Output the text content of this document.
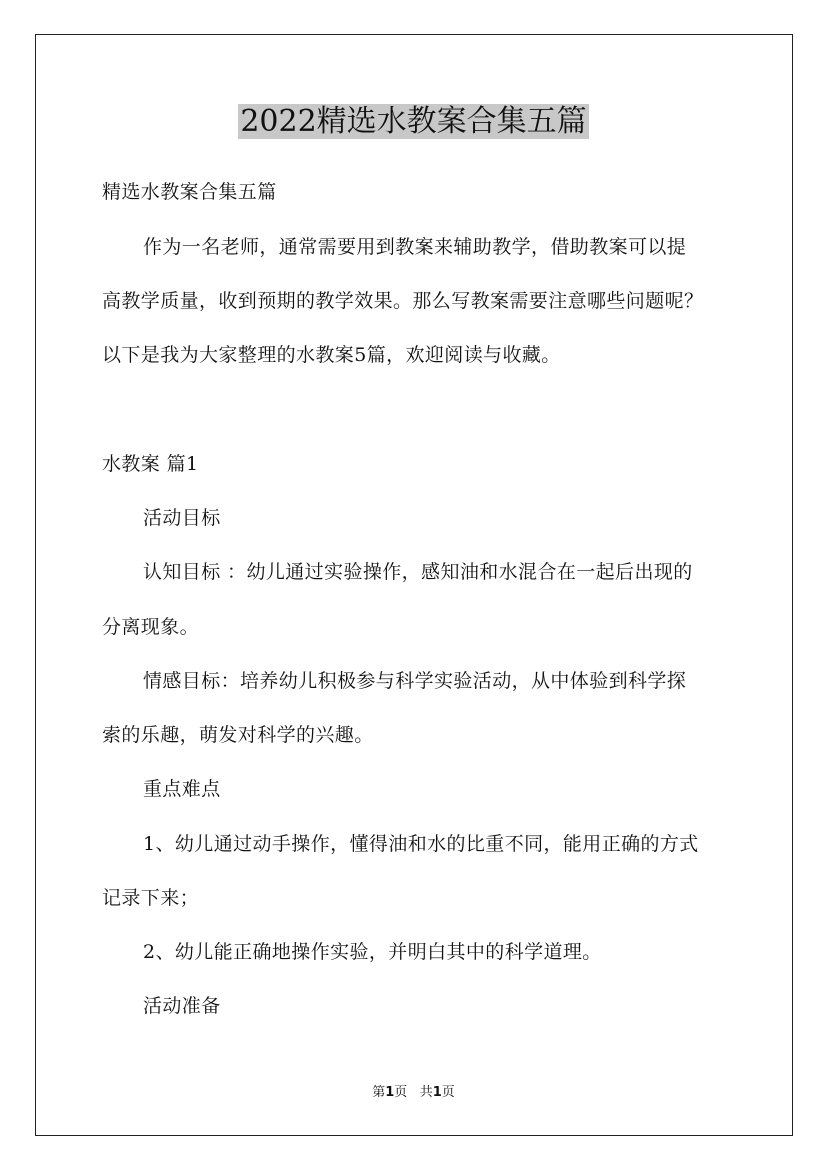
2022精选水教案合集五篇

精选水教案合集五篇

作为一名老师，通常需要用到教案来辅助教学，借助教案可以提

高教学质量，收到预期的教学效果。那么写教案需要注意哪些问题呢？

以下是我为大家整理的水教案5篇，欢迎阅读与收藏。

水教案 篇1

活动目标

认知目标 ：幼儿通过实验操作，感知油和水混合在一起后出现的

分离现象。

情感目标：培养幼儿积极参与科学实验活动，从中体验到科学探

索的乐趣，萌发对科学的兴趣。

重点难点

1、幼儿通过动手操作，懂得油和水的比重不同，能用正确的方式

记录下来；

2、幼儿能正确地操作实验，并明白其中的科学道理。

活动准备

第1页 共1页
